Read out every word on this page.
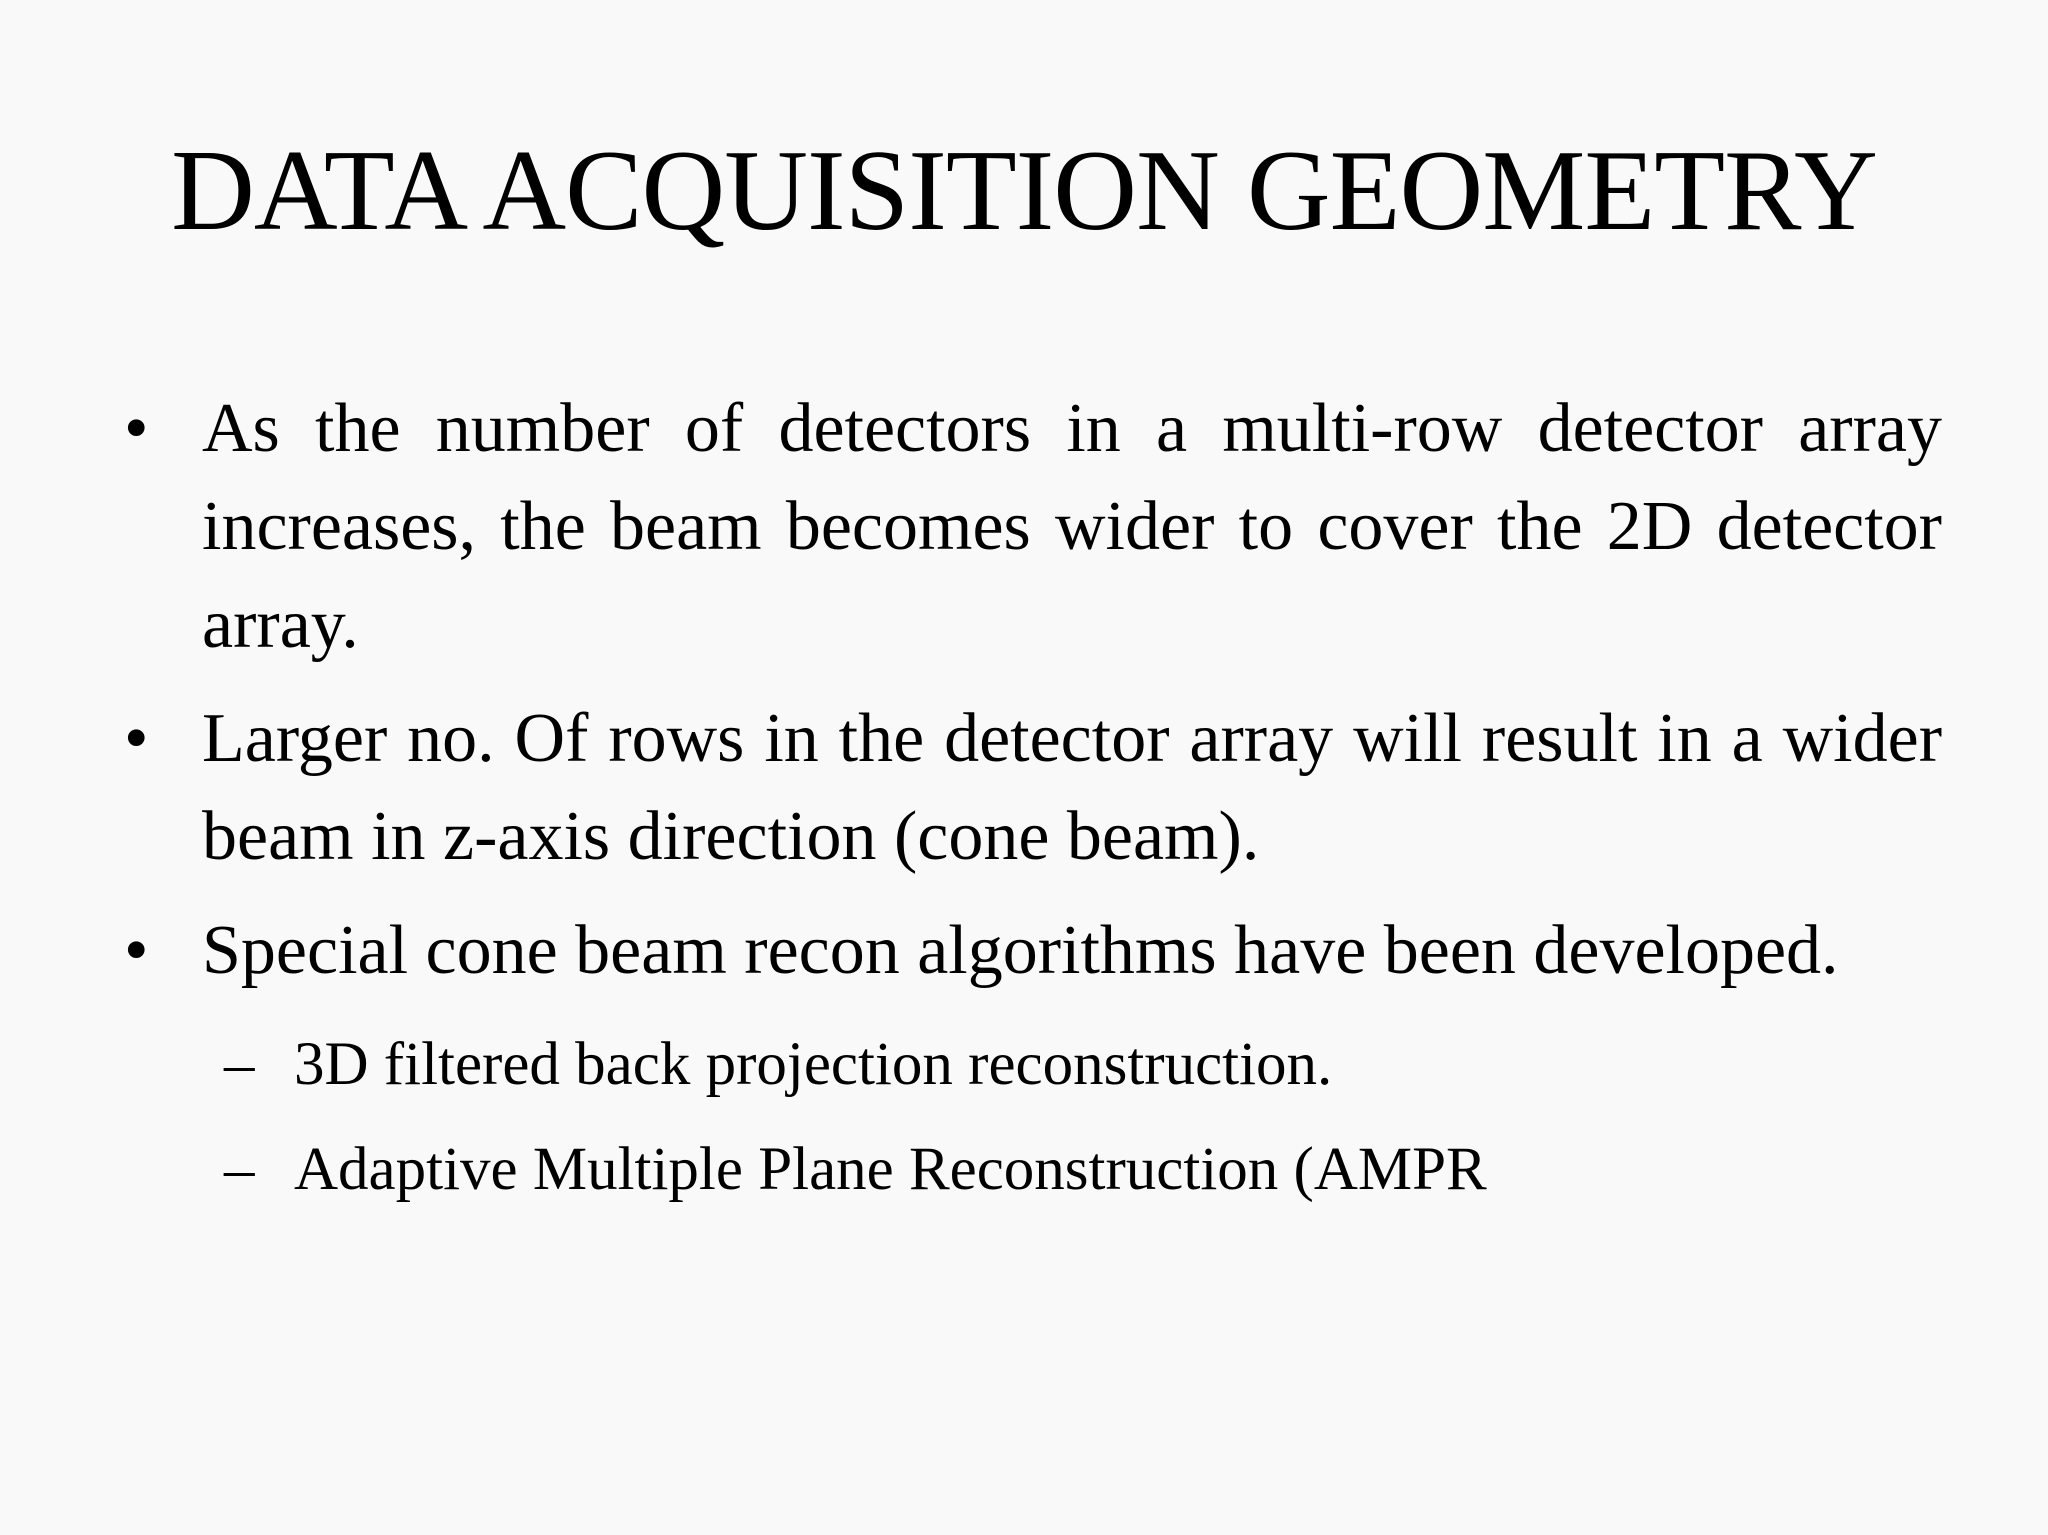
DATA ACQUISITION GEOMETRY
• As the number of detectors in a multi-row detector array increases, the beam becomes wider to cover the 2D detector array.
• Larger no. Of rows in the detector array will result in a wider beam in z-axis direction (cone beam).
• Special cone beam recon algorithms have been developed.
– 3D filtered back projection reconstruction.
– Adaptive Multiple Plane Reconstruction (AMPR
